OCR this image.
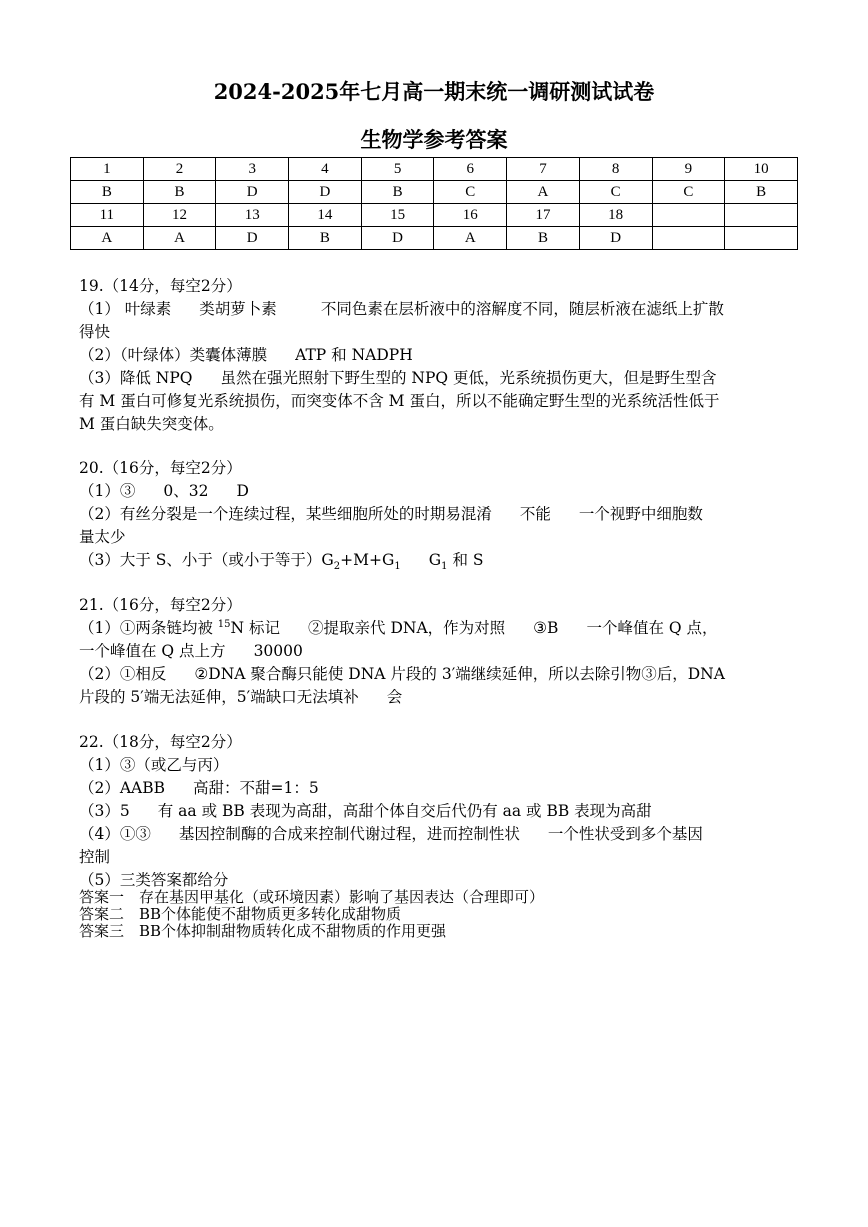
2024-2025年七月高一期末统一调研测试试卷
生物学参考答案
1	2	3	4	5	6	7	8	9	10
B	B	D	D	B	C	A	C	C	B
11	12	13	14	15	16	17	18		
A	A	D	B	D	A	B	D		
19.（14分，每空2分）
（1） 叶绿素 类胡萝卜素	不同色素在层析液中的溶解度不同，随层析液在滤纸上扩散
得快
（2）（叶绿体）类囊体薄膜 ATP 和 NADPH
（3）降低 NPQ 虽然在强光照射下野生型的 NPQ 更低，光系统损伤更大，但是野生型含
有 M 蛋白可修复光系统损伤，而突变体不含 M 蛋白，所以不能确定野生型的光系统活性低于
M 蛋白缺失突变体。
20.（16分，每空2分）
（1）③ 0、32 D
（2）有丝分裂是一个连续过程，某些细胞所处的时期易混淆 不能 一个视野中细胞数
量太少
（3）大于 S、小于（或小于等于）$G_2+M+G_1$ $G_1$ 和 S
21.（16分，每空2分）
（1）①两条链均被 $^{15}$N 标记 ②提取亲代 DNA，作为对照 ③B 一个峰值在 Q 点，
一个峰值在 Q 点上方 30000
（2）①相反 ②DNA 聚合酶只能使 DNA 片段的 3′端继续延伸，所以去除引物③后，DNA
片段的 5′端无法延伸，5′端缺口无法填补 会
22.（18分，每空2分）
（1）③（或乙与丙）
（2）AABB 高甜：不甜=1：5
（3）5 有 aa 或 BB 表现为高甜，高甜个体自交后代仍有 aa 或 BB 表现为高甜
（4）①③ 基因控制酶的合成来控制代谢过程，进而控制性状 一个性状受到多个基因
控制
（5）三类答案都给分
答案一　存在基因甲基化（或环境因素）影响了基因表达（合理即可）
答案二　BB个体能使不甜物质更多转化成甜物质
答案三　BB个体抑制甜物质转化成不甜物质的作用更强
